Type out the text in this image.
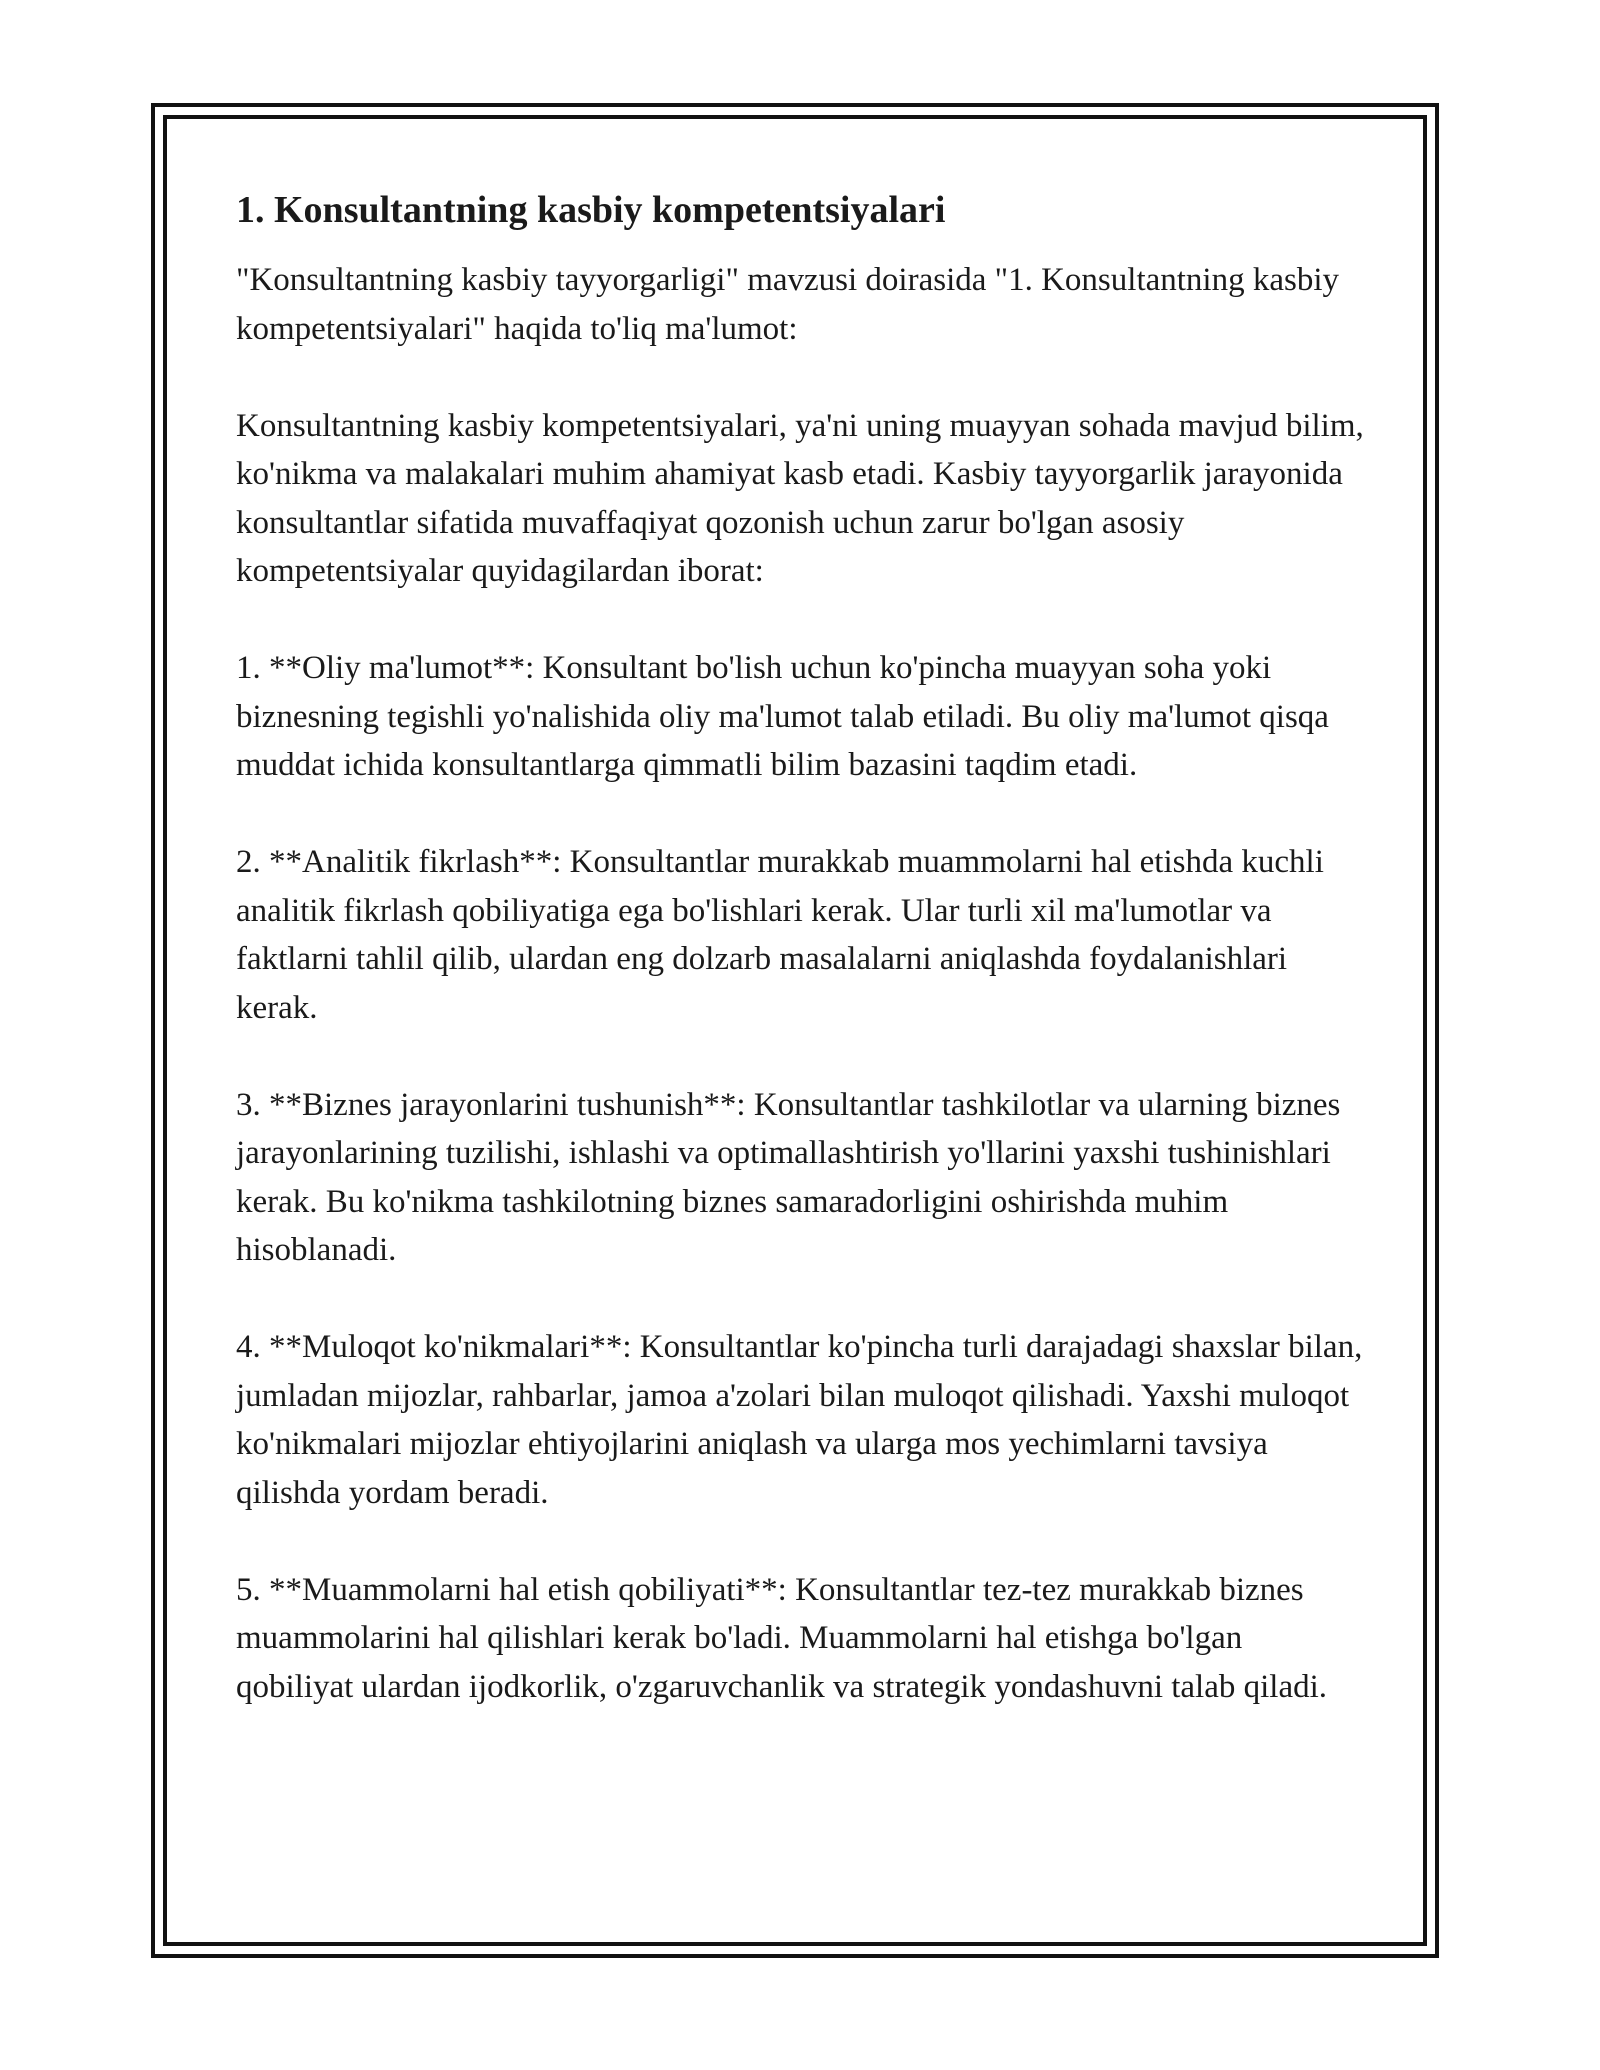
1. Konsultantning kasbiy kompetentsiyalari

"Konsultantning kasbiy tayyorgarligi" mavzusi doirasida "1. Konsultantning kasbiy kompetentsiyalari" haqida to'liq ma'lumot:

Konsultantning kasbiy kompetentsiyalari, ya'ni uning muayyan sohada mavjud bilim, ko'nikma va malakalari muhim ahamiyat kasb etadi. Kasbiy tayyorgarlik jarayonida konsultantlar sifatida muvaffaqiyat qozonish uchun zarur bo'lgan asosiy kompetentsiyalar quyidagilardan iborat:

1. **Oliy ma'lumot**: Konsultant bo'lish uchun ko'pincha muayyan soha yoki biznesning tegishli yo'nalishida oliy ma'lumot talab etiladi. Bu oliy ma'lumot qisqa muddat ichida konsultantlarga qimmatli bilim bazasini taqdim etadi.

2. **Analitik fikrlash**: Konsultantlar murakkab muammolarni hal etishda kuchli analitik fikrlash qobiliyatiga ega bo'lishlari kerak. Ular turli xil ma'lumotlar va faktlarni tahlil qilib, ulardan eng dolzarb masalalarni aniqlashda foydalanishlari kerak.

3. **Biznes jarayonlarini tushunish**: Konsultantlar tashkilotlar va ularning biznes jarayonlarining tuzilishi, ishlashi va optimallashtirish yo'llarini yaxshi tushinishlari kerak. Bu ko'nikma tashkilotning biznes samaradorligini oshirishda muhim hisoblanadi.

4. **Muloqot ko'nikmalari**: Konsultantlar ko'pincha turli darajadagi shaxslar bilan, jumladan mijozlar, rahbarlar, jamoa a'zolari bilan muloqot qilishadi. Yaxshi muloqot ko'nikmalari mijozlar ehtiyojlarini aniqlash va ularga mos yechimlarni tavsiya qilishda yordam beradi.

5. **Muammolarni hal etish qobiliyati**: Konsultantlar tez-tez murakkab biznes muammolarini hal qilishlari kerak bo'ladi. Muammolarni hal etishga bo'lgan qobiliyat ulardan ijodkorlik, o'zgaruvchanlik va strategik yondashuvni talab qiladi.
